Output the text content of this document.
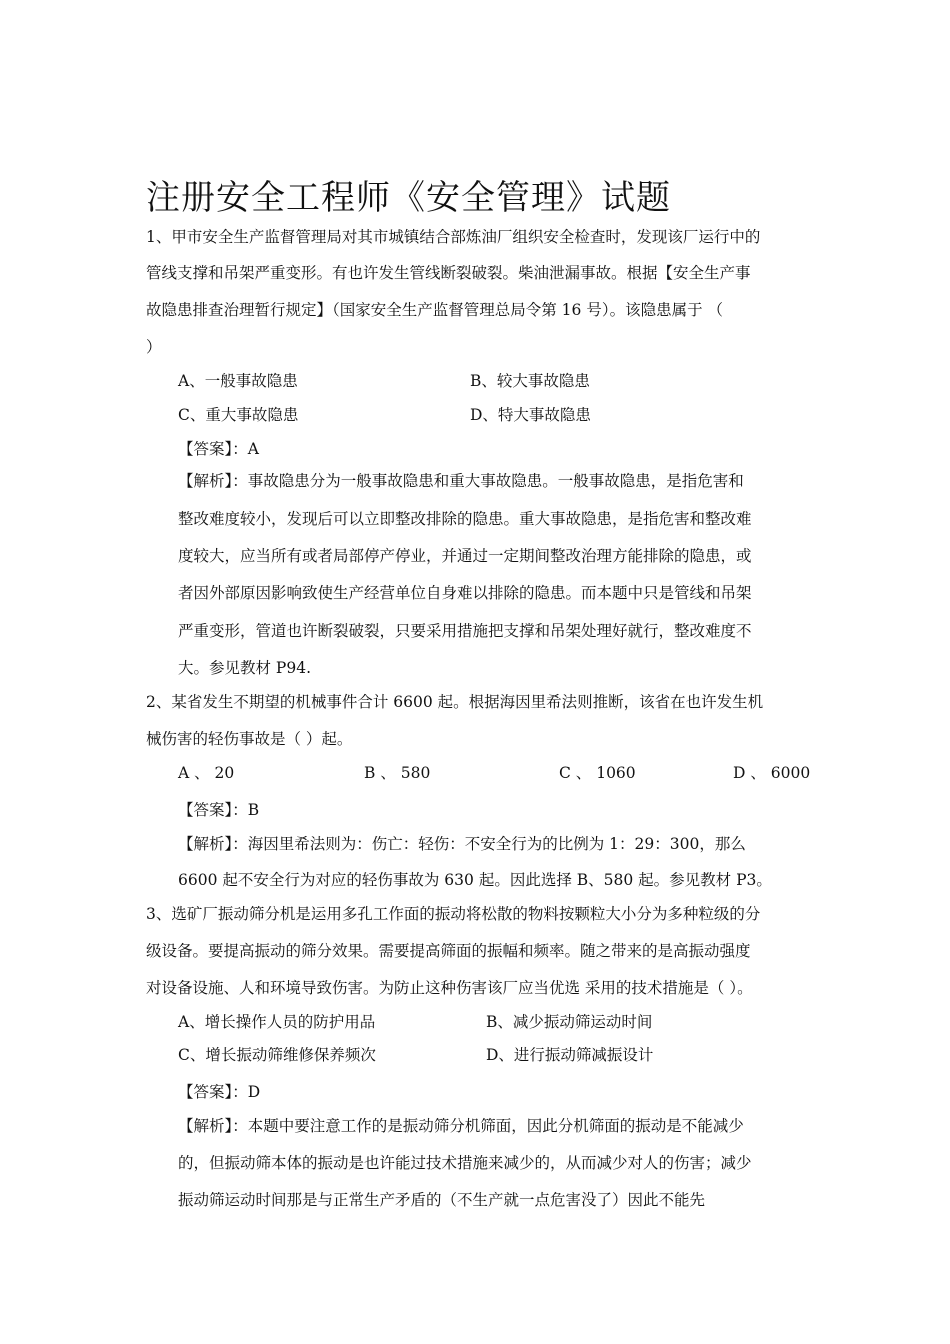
注册安全工程师《安全管理》试题
1、甲市安全生产监督管理局对其市城镇结合部炼油厂组织安全检查时，发现该厂运行中的
管线支撑和吊架严重变形。有也许发生管线断裂破裂。柴油泄漏事故。根据【安全生产事
故隐患排查治理暂行规定】（国家安全生产监督管理总局令第 16 号）。该隐患属于 （
）
A、一般事故隐患	B、较大事故隐患
C、重大事故隐患	D、特大事故隐患
【答案】：A
【解析】：事故隐患分为一般事故隐患和重大事故隐患。一般事故隐患，是指危害和
整改难度较小，发现后可以立即整改排除的隐患。重大事故隐患，是指危害和整改难
度较大，应当所有或者局部停产停业，并通过一定期间整改治理方能排除的隐患，或
者因外部原因影响致使生产经营单位自身难以排除的隐患。而本题中只是管线和吊架
严重变形，管道也许断裂破裂，只要采用措施把支撑和吊架处理好就行，整改难度不
大。参见教材 P94.
2、某省发生不期望的机械事件合计 6600 起。根据海因里希法则推断，该省在也许发生机
械伤害的轻伤事故是（ ）起。
A 、 20	B 、 580	C 、 1060	D 、 6000
【答案】：B
【解析】：海因里希法则为：伤亡：轻伤：不安全行为的比例为 1：29：300，那么
6600 起不安全行为对应的轻伤事故为 630 起。因此选择 B、580 起。参见教材 P3。
3、选矿厂振动筛分机是运用多孔工作面的振动将松散的物料按颗粒大小分为多种粒级的分
级设备。要提高振动的筛分效果。需要提高筛面的振幅和频率。随之带来的是高振动强度
对设备设施、人和环境导致伤害。为防止这种伤害该厂应当优选 采用的技术措施是（ ）。
A、增长操作人员的防护用品	B、减少振动筛运动时间
C、增长振动筛维修保养频次	D、进行振动筛减振设计
【答案】：D
【解析】：本题中要注意工作的是振动筛分机筛面，因此分机筛面的振动是不能减少
的，但振动筛本体的振动是也许能过技术措施来减少的，从而减少对人的伤害；减少
振动筛运动时间那是与正常生产矛盾的（不生产就一点危害没了）因此不能先
